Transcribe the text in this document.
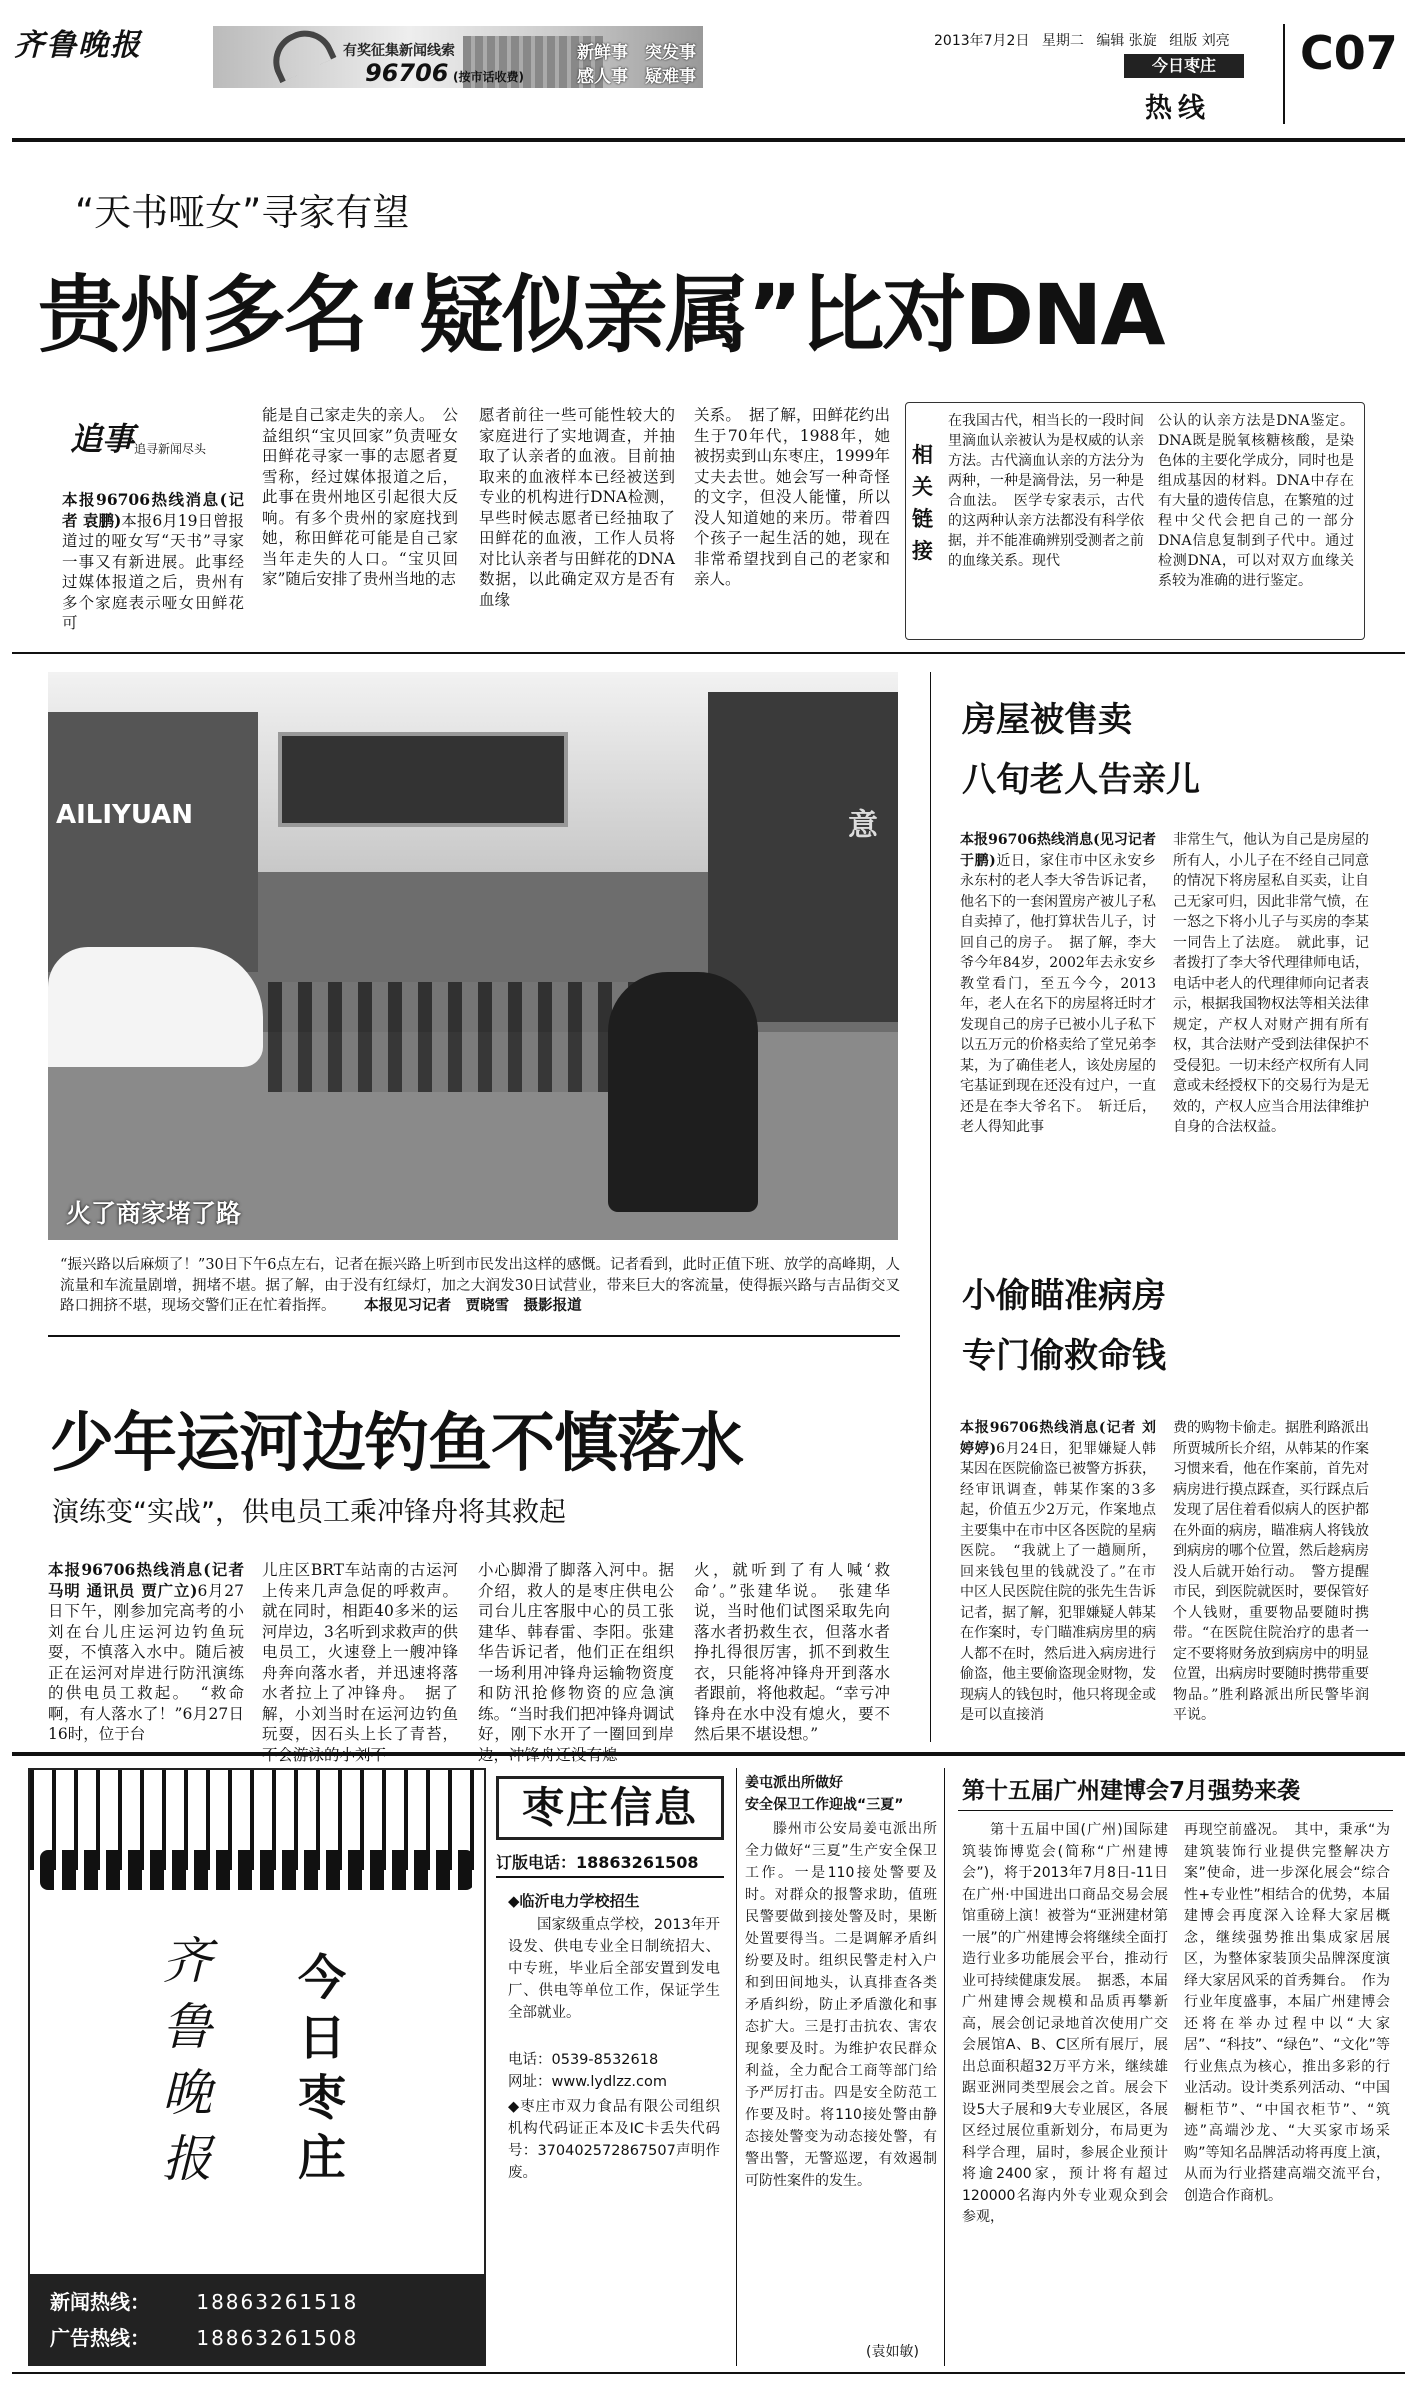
齐鲁晚报	有奖征集新闻线索
96706 (按市话收费)
新鲜事　突发事
感人事　疑难事
2013年7月2日 星期二 编辑 张旋 组版 刘亮
今日枣庄
热线
C07
“天书哑女”寻家有望
贵州多名“疑似亲属”比对DNA
追事 追寻新闻尽头
本报96706热线消息(记者 袁鹏)本报6月19日曾报道过的哑女写“天书”寻家一事又有新进展。此事经过媒体报道之后，贵州有多个家庭表示哑女田鲜花可
能是自己家走失的亲人。　公益组织“宝贝回家”负责哑女田鲜花寻家一事的志愿者夏雪称，经过媒体报道之后，此事在贵州地区引起很大反响。有多个贵州的家庭找到她，称田鲜花可能是自己家当年走失的人口。“宝贝回家”随后安排了贵州当地的志
愿者前往一些可能性较大的家庭进行了实地调查，并抽取了认亲者的血液。目前抽取来的血液样本已经被送到专业的机构进行DNA检测，早些时候志愿者已经抽取了田鲜花的血液，工作人员将对比认亲者与田鲜花的DNA数据，以此确定双方是否有血缘
关系。　据了解，田鲜花约出生于70年代，1988年，她被拐卖到山东枣庄，1999年丈夫去世。她会写一种奇怪的文字，但没人能懂，所以没人知道她的来历。带着四个孩子一起生活的她，现在非常希望找到自己的老家和亲人。
相关链接
在我国古代，相当长的一段时间里滴血认亲被认为是权威的认亲方法。古代滴血认亲的方法分为两种，一种是滴骨法，另一种是合血法。　医学专家表示，古代的这两种认亲方法都没有科学依据，并不能准确辨别受测者之前的血缘关系。现代
公认的认亲方法是DNA鉴定。DNA既是脱氧核糖核酸，是染色体的主要化学成分，同时也是组成基因的材料。DNA中存在有大量的遗传信息，在繁殖的过程中父代会把自己的一部分DNA信息复制到子代中。通过检测DNA，可以对双方血缘关系较为准确的进行鉴定。
AILIYUAN	意
火了商家堵了路
“振兴路以后麻烦了！”30日下午6点左右，记者在振兴路上听到市民发出这样的感慨。记者看到，此时正值下班、放学的高峰期，人流量和车流量剧增，拥堵不堪。据了解，由于没有红绿灯，加之大润发30日试营业，带来巨大的客流量，使得振兴路与吉品街交叉路口拥挤不堪，现场交警们正在忙着指挥。 本报见习记者　贾晓雪　摄影报道
房屋被售卖
八旬老人告亲儿
本报96706热线消息(见习记者 于鹏)近日，家住市中区永安乡永东村的老人李大爷告诉记者，他名下的一套闲置房产被儿子私自卖掉了，他打算状告儿子，讨回自己的房子。　据了解，李大爷今年84岁，2002年去永安乡教堂看门，至五今今，2013年，老人在名下的房屋将迁时才发现自己的房子已被小儿子私下以五万元的价格卖给了堂兄弟李某，为了确佳老人，该处房屋的宅基证到现在还没有过户，一直还是在李大爷名下。　斩迁后，老人得知此事
非常生气，他认为自己是房屋的所有人，小儿子在不经自己同意的情况下将房屋私自买卖，让自己无家可归，因此非常气愤，在一怒之下将小儿子与买房的李某一同告上了法庭。　就此事，记者拨打了李大爷代理律师电话，电话中老人的代理律师向记者表示，根据我国物权法等相关法律规定，产权人对财产拥有所有权，其合法财产受到法律保护不受侵犯。一切未经产权所有人同意或未经授权下的交易行为是无效的，产权人应当合用法律维护自身的合法权益。
小偷瞄准病房
专门偷救命钱
本报96706热线消息(记者 刘婷婷)6月24日，犯罪嫌疑人韩某因在医院偷盗已被警方拆获，经审讯调查，韩某作案的3多起，价值五少2万元，作案地点主要集中在市中区各医院的星病医院。　“我就上了一趟厕所，回来钱包里的钱就没了。”在市中区人民医院住院的张先生告诉记者，据了解，犯罪嫌疑人韩某在作案时，专门瞄准病房里的病人都不在时，然后进入病房进行偷盗，他主要偷盗现金财物，发现病人的钱包时，他只将现金或是可以直接消
费的购物卡偷走。据胜利路派出所贾城所长介绍，从韩某的作案习惯来看，他在作案前，首先对病房进行摸点踩查，买行踩点后发现了居住着看似病人的医护都在外面的病房，瞄准病人将钱放到病房的哪个位置，然后趁病房没人后就开始行动。　警方提醒市民，到医院就医时，要保管好个人钱财，重要物品要随时携带。“在医院住院治疗的患者一定不要将财务放到病房中的明显位置，出病房时要随时携带重要物品。”胜利路派出所民警毕润平说。
少年运河边钓鱼不慎落水
演练变“实战”，供电员工乘冲锋舟将其救起
本报96706热线消息(记者 马明 通讯员 贾广立)6月27日下午，刚参加完高考的小刘在台儿庄运河边钓鱼玩耍，不慎落入水中。随后被正在运河对岸进行防汛演练的供电员工救起。　“救命啊，有人落水了！”6月27日16时，位于台
儿庄区BRT车站南的古运河上传来几声急促的呼救声。就在同时，相距40多米的运河岸边，3名听到求救声的供电员工，火速登上一艘冲锋舟奔向落水者，并迅速将落水者拉上了冲锋舟。　据了解，小刘当时在运河边钓鱼玩耍，因石头上长了青苔，
小心脚滑了脚落入河中。据介绍，救人的是枣庄供电公司台儿庄客服中心的员工张建华、韩春雷、李阳。张建华告诉记者，他们正在组织一场利用冲锋舟运输物资度和防汛抢修物资的应急演练。“当时我们把冲锋舟调试好，刚下水开了一圈回到岸
火，就听到了有人喊‘救命’。”张建华说。　张建华说，当时他们试图采取先向落水者扔救生衣，但落水者挣扎得很厉害，抓不到救生衣，只能将冲锋舟开到落水者跟前，将他救起。“幸亏冲锋舟在水中没有熄火，要不然后果不堪设想。”
齐鲁晚报
今日枣庄
新闻热线： 18863261518
广告热线： 18863261508
枣庄信息
订版电话：18863261508
◆临沂电力学校招生

国家级重点学校，2013年开设发、供电专业全日制统招大、中专班，毕业后全部安置到发电厂、供电等单位工作，保证学生全部就业。

电话：0539-8532618
网址：www.lydlzz.com
◆枣庄市双力食品有限公司组织机构代码证正本及IC卡丢失代码号：370402572867507声明作废。
姜屯派出所做好
安全保卫工作迎战“三夏”

滕州市公安局姜屯派出所全力做好“三夏”生产安全保卫工作。一是110接处警要及时。对群众的报警求助，值班民警要做到接处警及时，果断处置要得当。二是调解矛盾纠纷要及时。组织民警走村入户和到田间地头，认真排查各类矛盾纠纷，防止矛盾激化和事态扩大。三是打击抗农、害农现象要及时。为维护农民群众利益，全力配合工商等部门给予严厉打击。四是安全防范工作要及时。将110接处警由静态接处警变为动态接处警，有警出警，无警巡逻，有效遏制可防性案件的发生。

(袁如敏)
第十五届广州建博会7月强势来袭

第十五届中国(广州)国际建筑装饰博览会(简称“广州建博会”)，将于2013年7月8日-11日在广州·中国进出口商品交易会展馆重磅上演！被誉为“亚洲建材第一展”的广州建博会将继续全面打造行业多功能展会平台，推动行业可持续健康发展。　据悉，本届广州建博会规模和品质再攀新高，展会创记录地首次使用广交会展馆A、B、C区所有展厅，展出总面积超32万平方米，继续雄踞亚洲同类型展会之首。展会下设5大子展和9大专业展区，各展区经过展位重新划分，布局更为科学合理，届时，参展企业预计将逾2400家，预计将有超过120000名海内外专业观众到会参观，

再现空前盛况。　其中，秉承“为建筑装饰行业提供完整解决方案”使命，进一步深化展会“综合性+专业性”相结合的优势，本届建博会再度深入诠释大家居概念，继续强势推出集成家居展区，为整体家装顶尖品牌深度演绎大家居风采的首秀舞台。　作为行业年度盛事，本届广州建博会还将在举办过程中以“大家居”、“科技”、“绿色”、“文化”等行业焦点为核心，推出多彩的行业活动。设计类系列活动、“中国橱柜节”、“中国衣柜节”、“筑迹”高端沙龙、“大买家市场采购”等知名品牌活动将再度上演，从而为行业搭建高端交流平台，创造合作商机。
